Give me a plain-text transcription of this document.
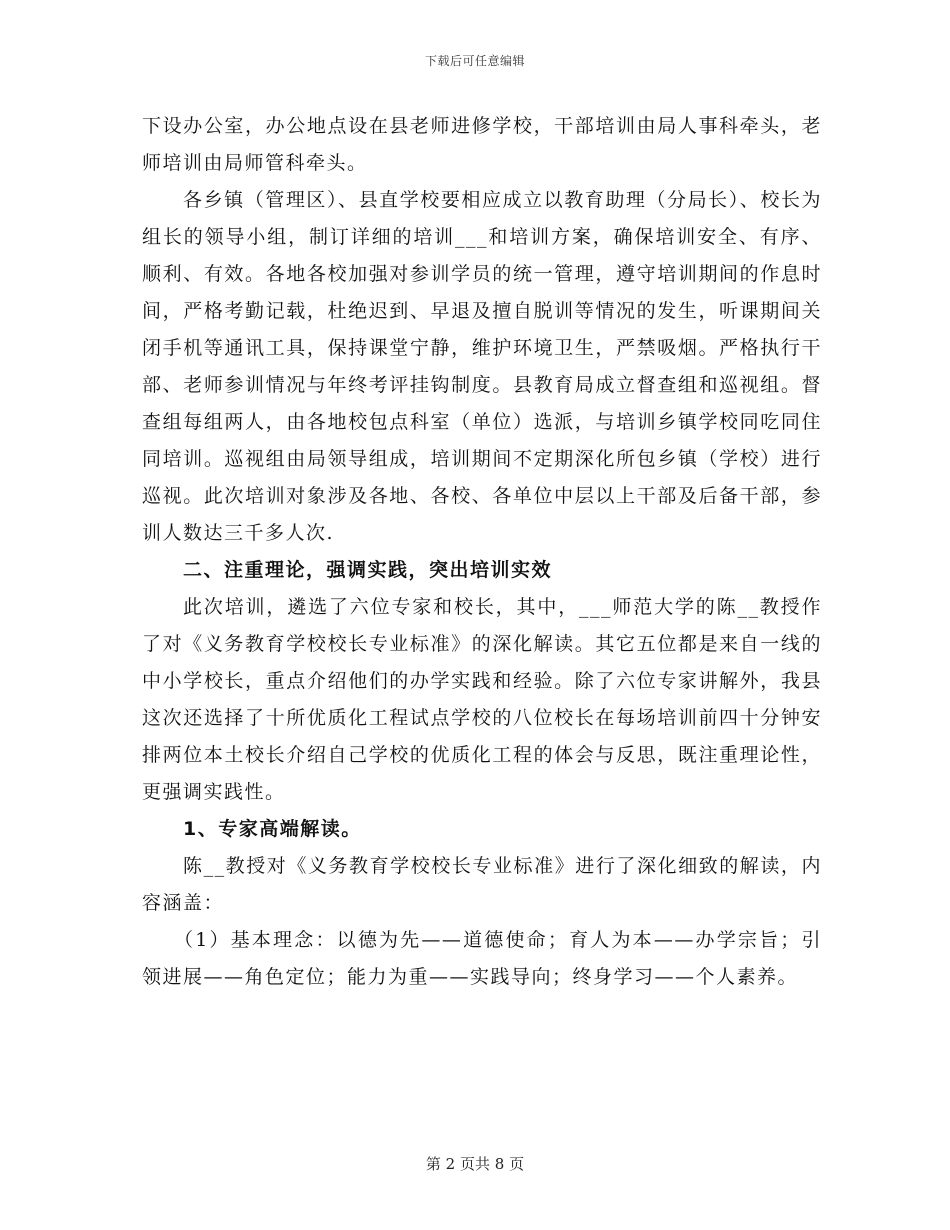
下载后可任意编辑

下设办公室，办公地点设在县老师进修学校，干部培训由局人事科牵头，老师培训由局师管科牵头。

各乡镇（管理区）、县直学校要相应成立以教育助理（分局长）、校长为组长的领导小组，制订详细的培训___和培训方案，确保培训安全、有序、顺利、有效。各地各校加强对参训学员的统一管理，遵守培训期间的作息时间，严格考勤记载，杜绝迟到、早退及擅自脱训等情况的发生，听课期间关闭手机等通讯工具，保持课堂宁静，维护环境卫生，严禁吸烟。严格执行干部、老师参训情况与年终考评挂钩制度。县教育局成立督查组和巡视组。督查组每组两人，由各地校包点科室（单位）选派，与培训乡镇学校同吃同住同培训。巡视组由局领导组成，培训期间不定期深化所包乡镇（学校）进行巡视。此次培训对象涉及各地、各校、各单位中层以上干部及后备干部，参训人数达三千多人次.

二、注重理论，强调实践，突出培训实效

此次培训，遴选了六位专家和校长，其中，___师范大学的陈__教授作了对《义务教育学校校长专业标准》的深化解读。其它五位都是来自一线的中小学校长，重点介绍他们的办学实践和经验。除了六位专家讲解外，我县这次还选择了十所优质化工程试点学校的八位校长在每场培训前四十分钟安排两位本土校长介绍自己学校的优质化工程的体会与反思，既注重理论性，更强调实践性。

1、专家高端解读。

陈__教授对《义务教育学校校长专业标准》进行了深化细致的解读，内容涵盖：

（1）基本理念：以德为先——道德使命；育人为本——办学宗旨；引领进展——角色定位；能力为重——实践导向；终身学习——个人素养。

第 2 页共 8 页
